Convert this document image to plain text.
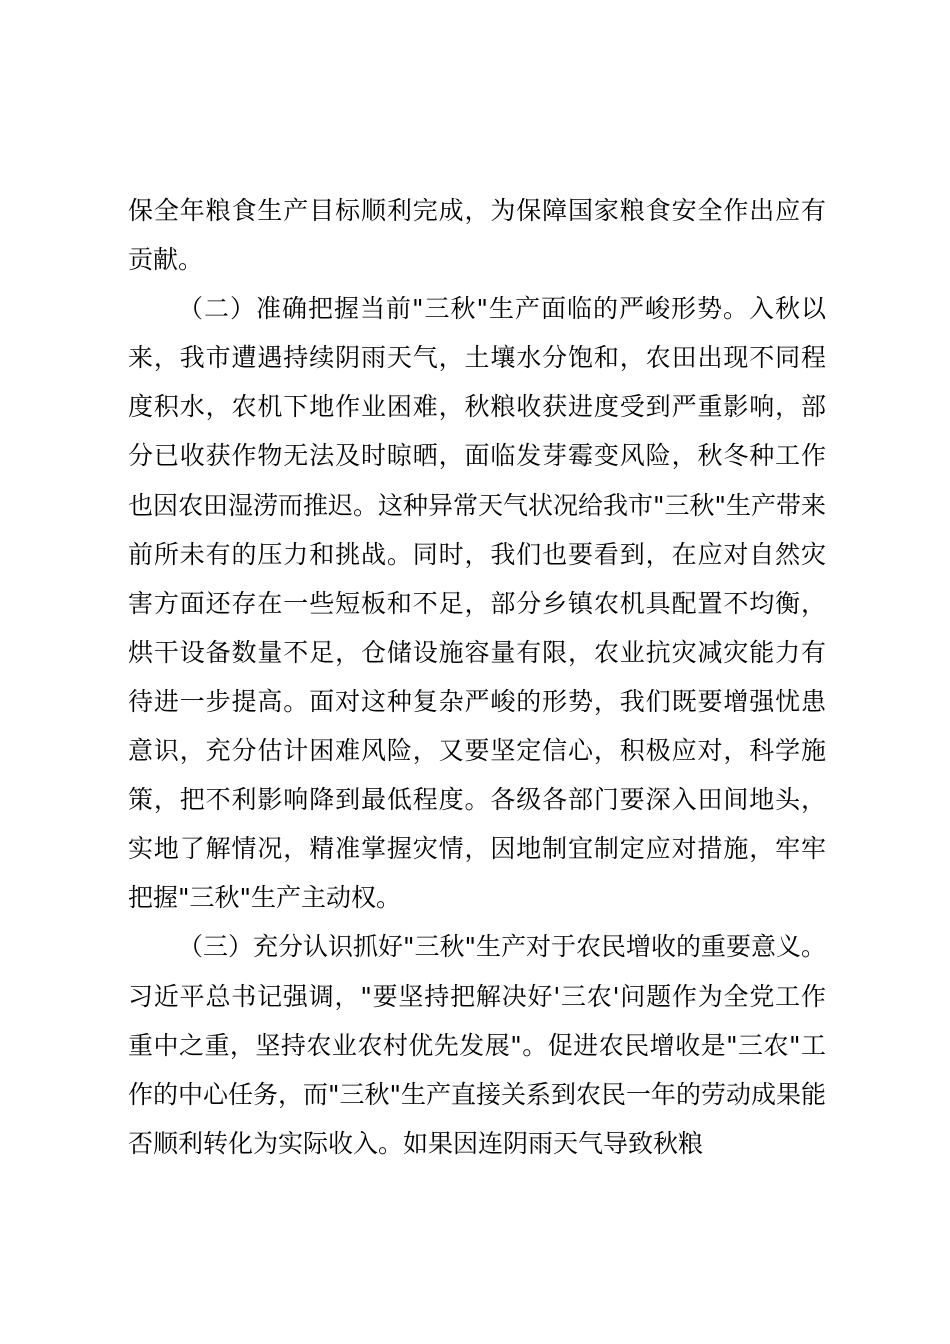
保全年粮食生产目标顺利完成，为保障国家粮食安全作出应有贡献。

（二）准确把握当前"三秋"生产面临的严峻形势。入秋以来，我市遭遇持续阴雨天气，土壤水分饱和，农田出现不同程度积水，农机下地作业困难，秋粮收获进度受到严重影响，部分已收获作物无法及时晾晒，面临发芽霉变风险，秋冬种工作也因农田湿涝而推迟。这种异常天气状况给我市"三秋"生产带来前所未有的压力和挑战。同时，我们也要看到，在应对自然灾害方面还存在一些短板和不足，部分乡镇农机具配置不均衡，烘干设备数量不足，仓储设施容量有限，农业抗灾减灾能力有待进一步提高。面对这种复杂严峻的形势，我们既要增强忧患意识，充分估计困难风险，又要坚定信心，积极应对，科学施策，把不利影响降到最低程度。各级各部门要深入田间地头，实地了解情况，精准掌握灾情，因地制宜制定应对措施，牢牢把握"三秋"生产主动权。

（三）充分认识抓好"三秋"生产对于农民增收的重要意义。习近平总书记强调，"要坚持把解决好'三农'问题作为全党工作重中之重，坚持农业农村优先发展"。促进农民增收是"三农"工作的中心任务，而"三秋"生产直接关系到农民一年的劳动成果能否顺利转化为实际收入。如果因连阴雨天气导致秋粮
